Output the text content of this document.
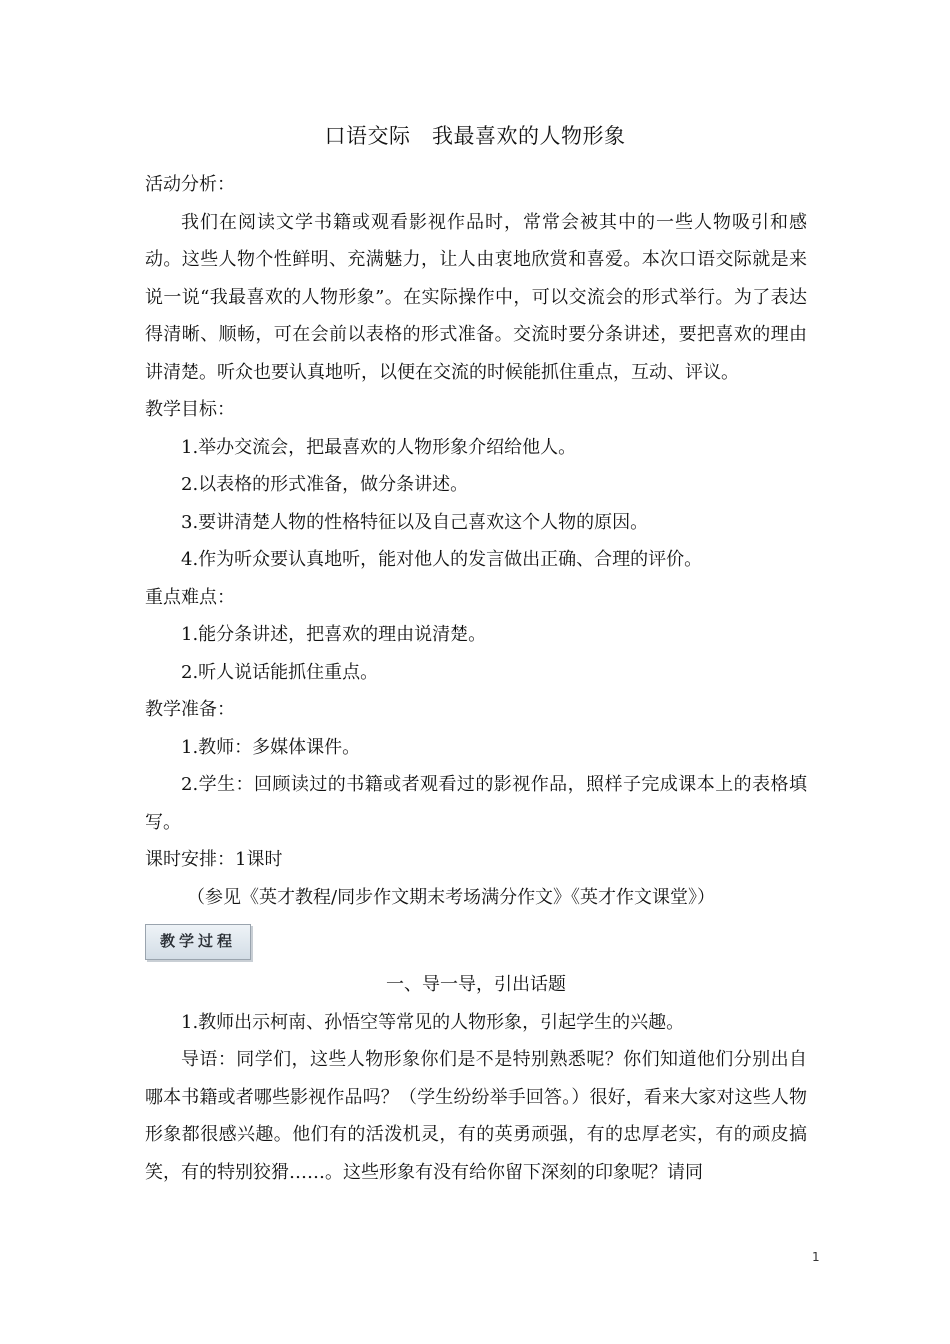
口语交际　我最喜欢的人物形象

活动分析：

我们在阅读文学书籍或观看影视作品时，常常会被其中的一些人物吸引和感动。这些人物个性鲜明、充满魅力，让人由衷地欣赏和喜爱。本次口语交际就是来说一说“我最喜欢的人物形象”。在实际操作中，可以交流会的形式举行。为了表达得清晰、顺畅，可在会前以表格的形式准备。交流时要分条讲述，要把喜欢的理由讲清楚。听众也要认真地听，以便在交流的时候能抓住重点，互动、评议。

教学目标：

1.举办交流会，把最喜欢的人物形象介绍给他人。

2.以表格的形式准备，做分条讲述。

3.要讲清楚人物的性格特征以及自己喜欢这个人物的原因。

4.作为听众要认真地听，能对他人的发言做出正确、合理的评价。

重点难点：

1.能分条讲述，把喜欢的理由说清楚。

2.听人说话能抓住重点。

教学准备：

1.教师：多媒体课件。

2.学生：回顾读过的书籍或者观看过的影视作品，照样子完成课本上的表格填写。

课时安排：1课时

（参见《英才教程/同步作文期末考场满分作文》《英才作文课堂》）

教学过程

一、导一导，引出话题

1.教师出示柯南、孙悟空等常见的人物形象，引起学生的兴趣。

导语：同学们，这些人物形象你们是不是特别熟悉呢？你们知道他们分别出自哪本书籍或者哪些影视作品吗？（学生纷纷举手回答。）很好，看来大家对这些人物形象都很感兴趣。他们有的活泼机灵，有的英勇顽强，有的忠厚老实，有的顽皮搞笑，有的特别狡猾……。这些形象有没有给你留下深刻的印象呢？请同

1
